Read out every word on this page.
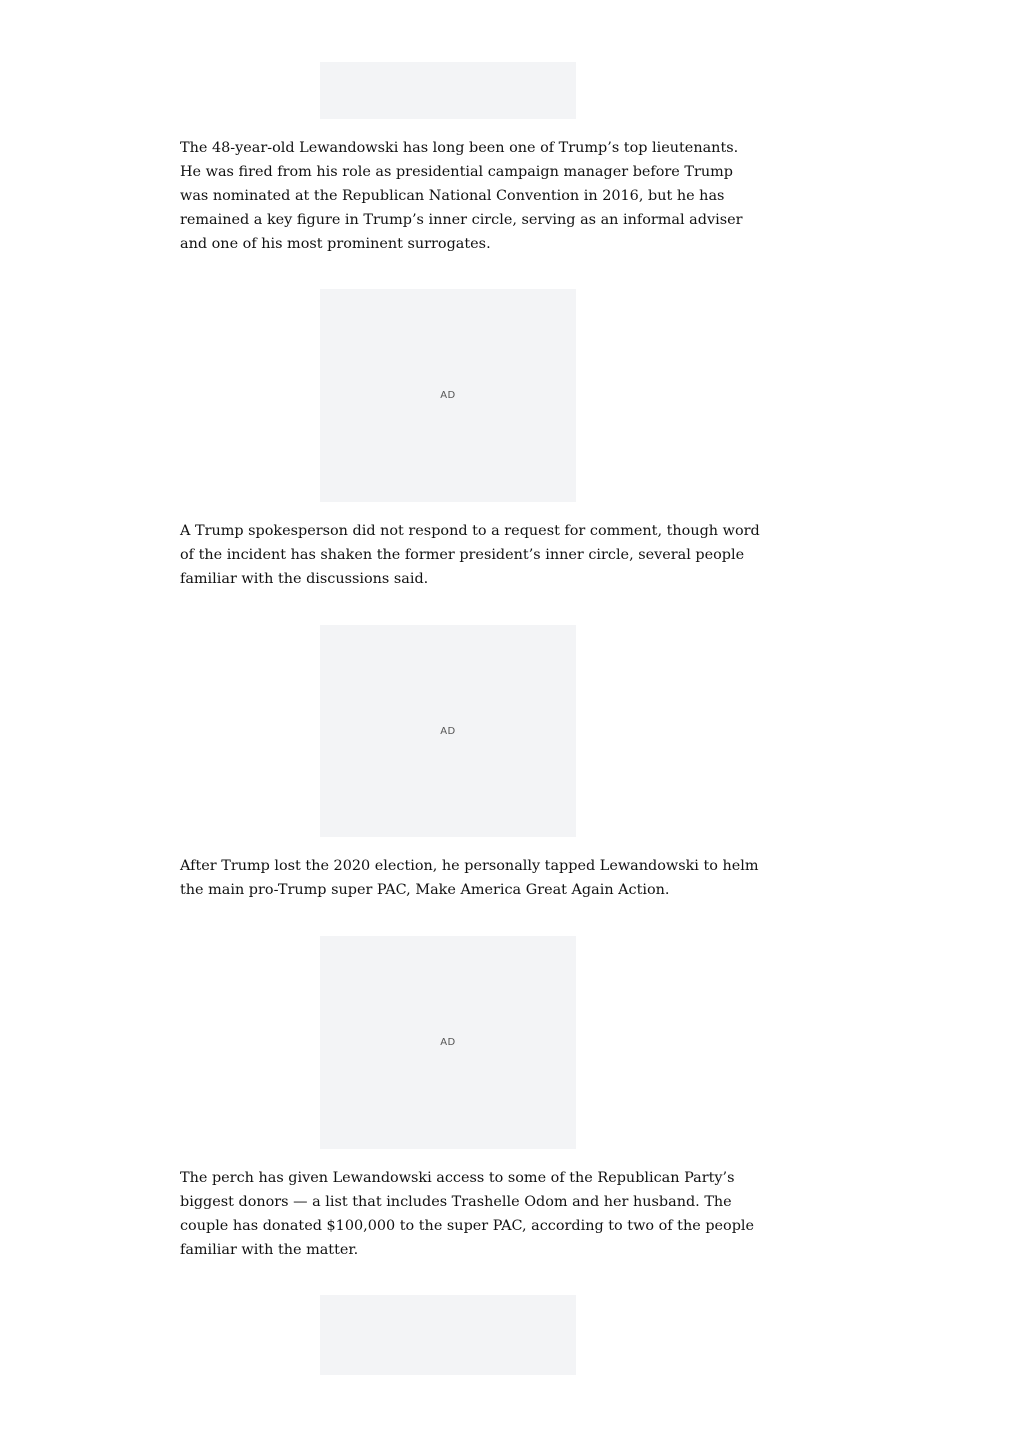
The 48-year-old Lewandowski has long been one of Trump’s top lieutenants.
He was fired from his role as presidential campaign manager before Trump
was nominated at the Republican National Convention in 2016, but he has
remained a key figure in Trump’s inner circle, serving as an informal adviser
and one of his most prominent surrogates.

AD

A Trump spokesperson did not respond to a request for comment, though word
of the incident has shaken the former president’s inner circle, several people
familiar with the discussions said.

AD

After Trump lost the 2020 election, he personally tapped Lewandowski to helm
the main pro-Trump super PAC, Make America Great Again Action.

AD

The perch has given Lewandowski access to some of the Republican Party’s
biggest donors — a list that includes Trashelle Odom and her husband. The
couple has donated $100,000 to the super PAC, according to two of the people
familiar with the matter.
